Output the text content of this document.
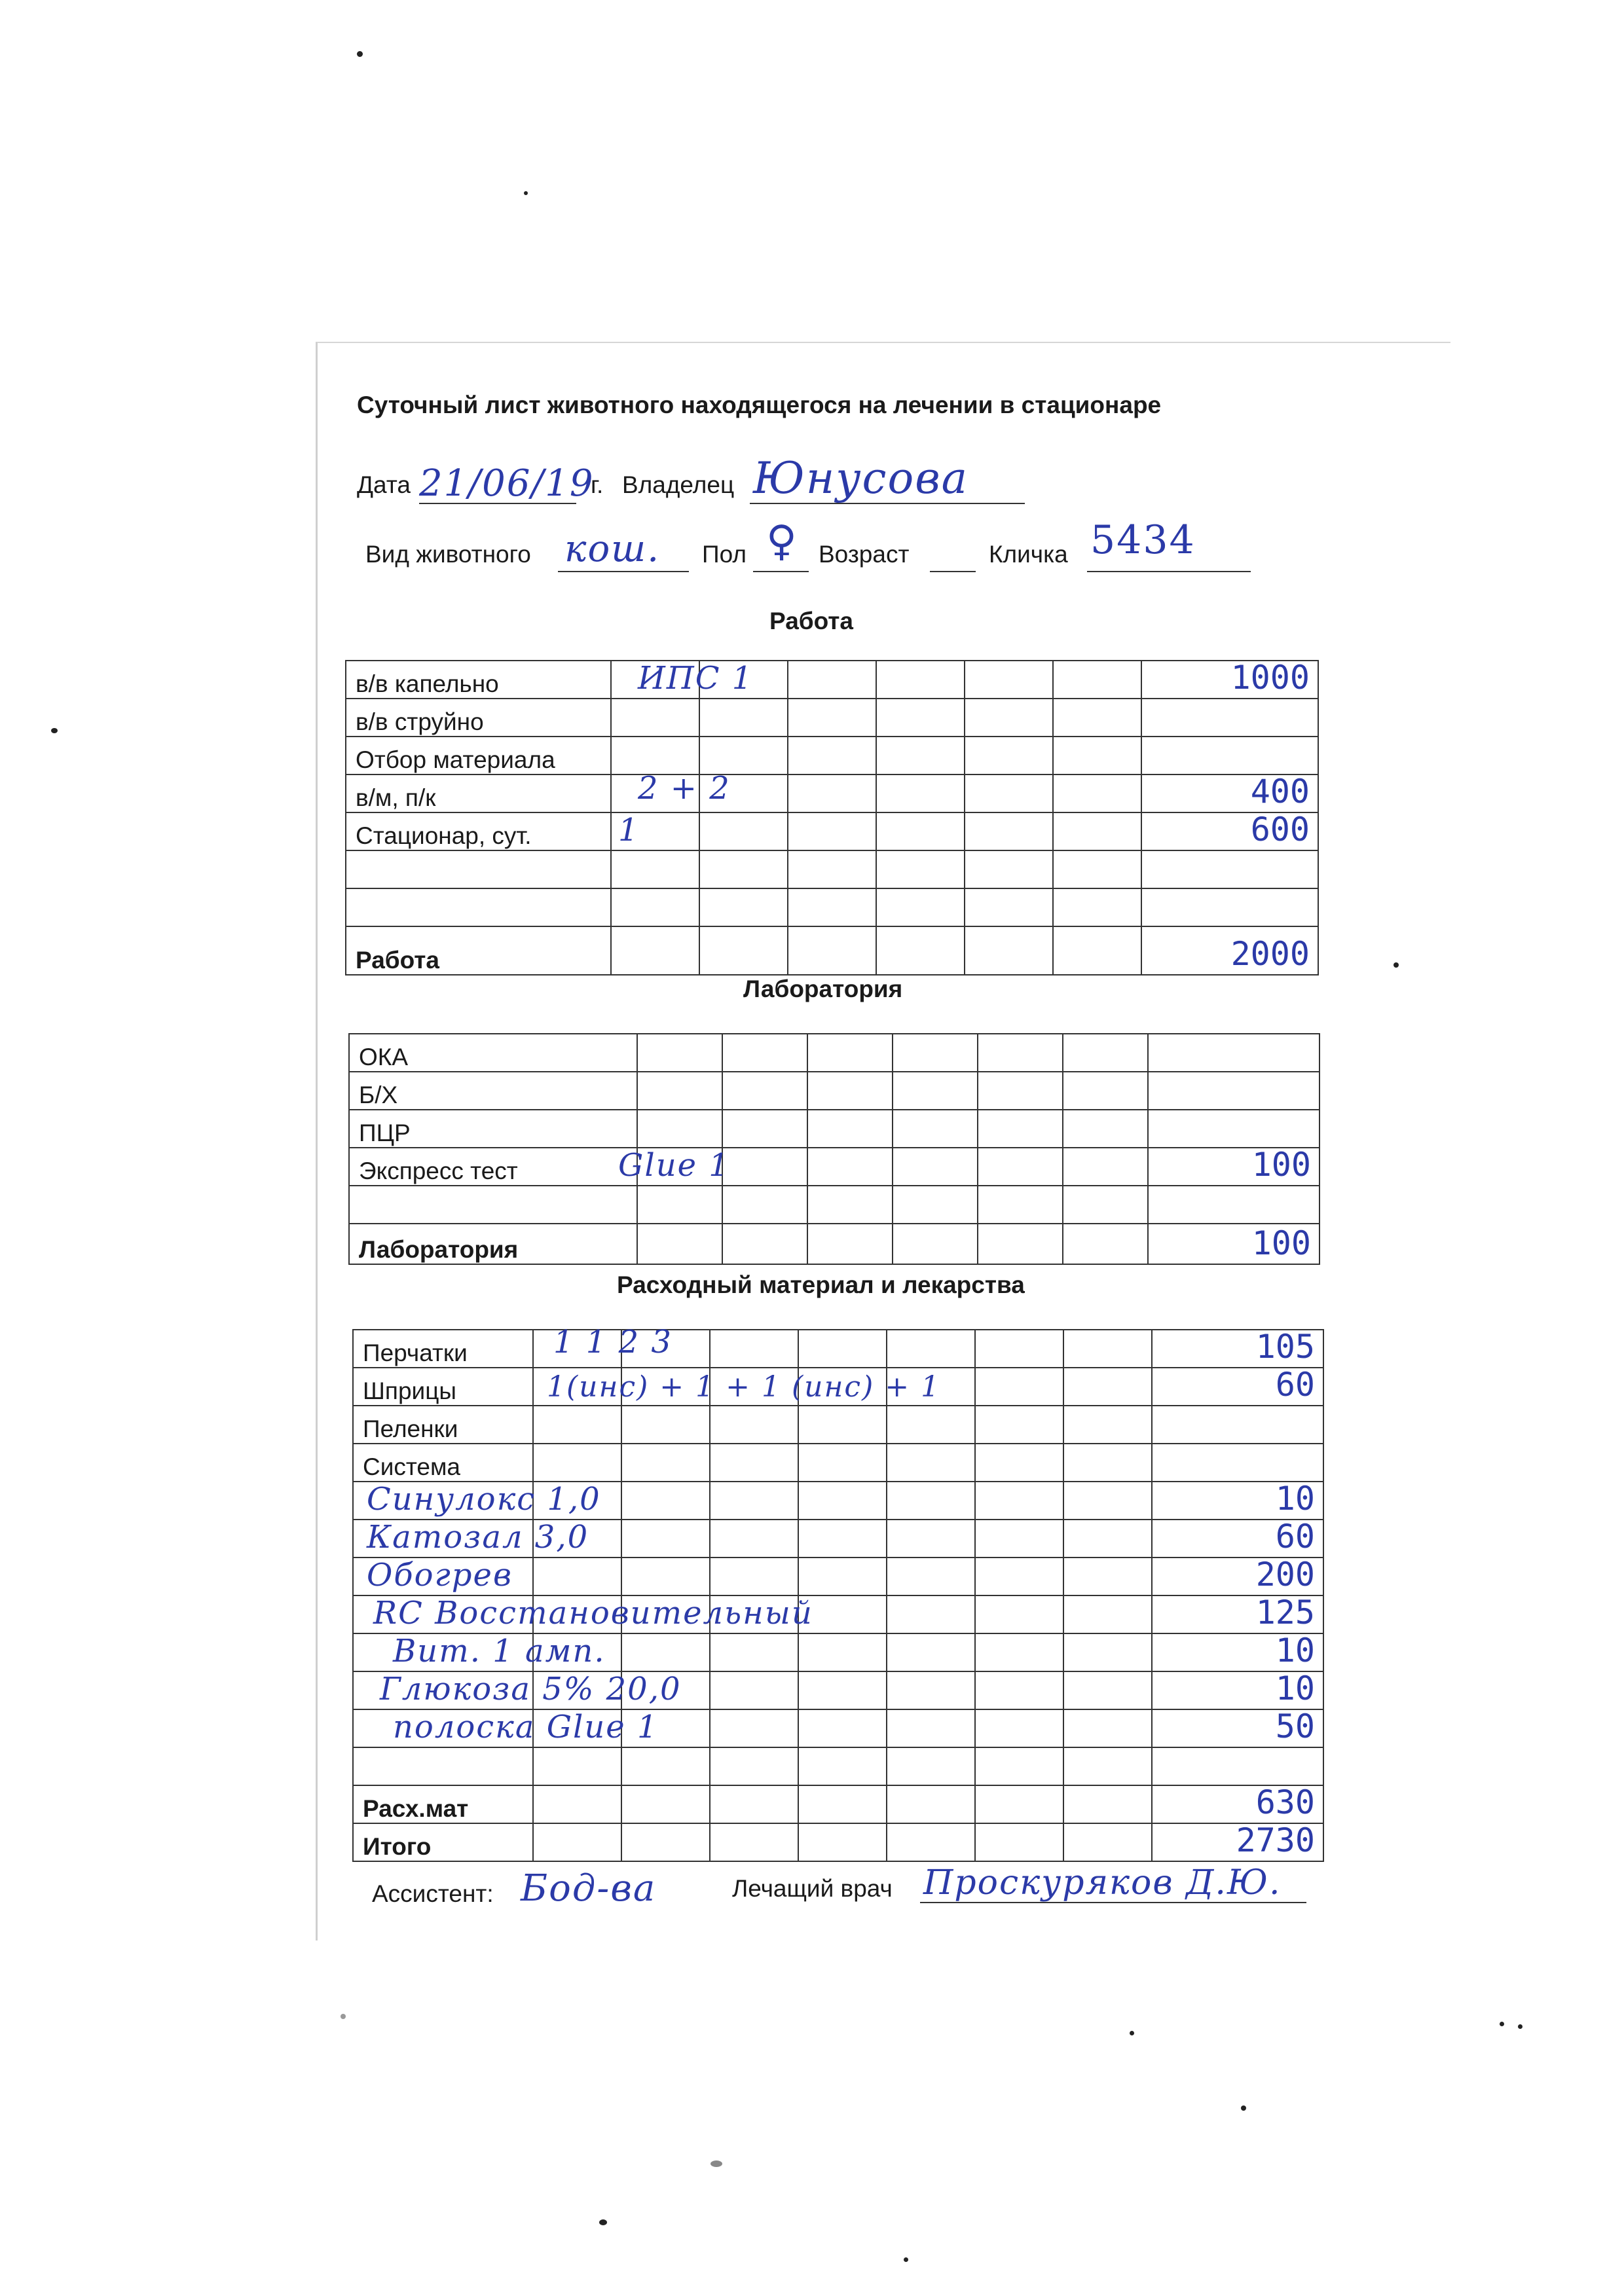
Суточный лист животного находящегося на лечении в стационаре
Дата 21/06/19
г. Владелец Юнусова
Вид животного кош. Пол ♀ Возраст	Кличка 5434
Работа
в/в капельно	ИПС 1						1000

в/в струйно							
Отбор материала							
в/м, п/к	2 + 2						400

Стационар, сут.	1						600

Работа							2000
Лаборатория
ОКА							
Б/Х							
ПЦР							
Экспресс тест	Glue 1						100

Лаборатория							100
Расходный материал и лекарства
Перчатки	1 1 2 3							105

Шприцы	1(инс) + 1 + 1 (инс) + 1							60

Пеленки								
Система								

Синулокс 1,0								10

Катозал 3,0								60

Обогрев								200

RC Восстановительный								125

Вит. 1 амп.								10

Глюкоза 5% 20,0								10

полоска Glue 1								50

Расх.мат								630

Итого								2730
Ассистент: Бод-ва	Лечащий врач Проскуряков Д.Ю.
